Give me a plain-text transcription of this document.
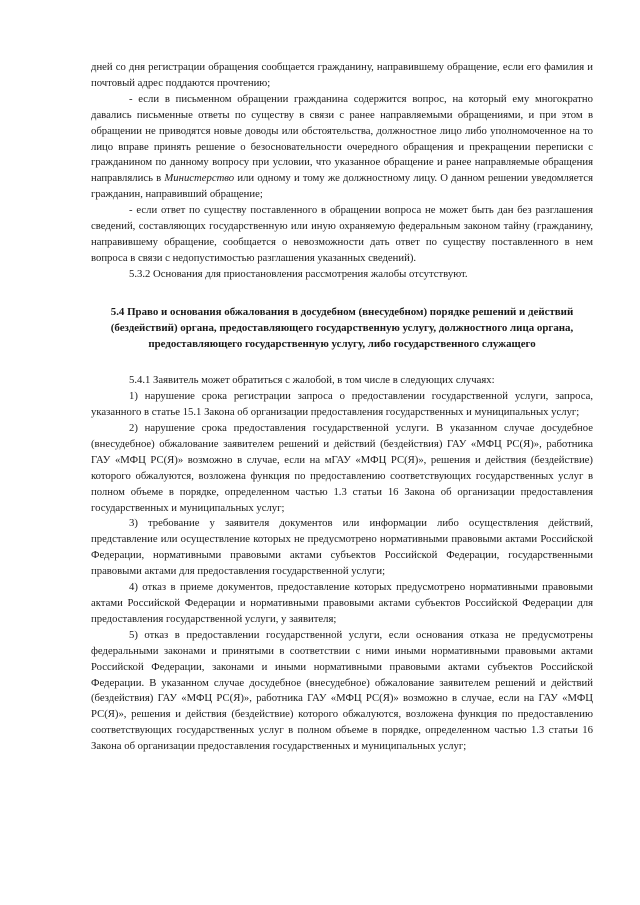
дней со дня регистрации обращения сообщается гражданину, направившему обращение, если его фамилия и почтовый адрес поддаются прочтению;

- если в письменном обращении гражданина содержится вопрос, на который ему многократно давались письменные ответы по существу в связи с ранее направляемыми обращениями, и при этом в обращении не приводятся новые доводы или обстоятельства, должностное лицо либо уполномоченное на то лицо вправе принять решение о безосновательности очередного обращения и прекращении переписки с гражданином по данному вопросу при условии, что указанное обращение и ранее направляемые обращения направлялись в Министерство или одному и тому же должностному лицу. О данном решении уведомляется гражданин, направивший обращение;

- если ответ по существу поставленного в обращении вопроса не может быть дан без разглашения сведений, составляющих государственную или иную охраняемую федеральным законом тайну (гражданину, направившему обращение, сообщается о невозможности дать ответ по существу поставленного в нем вопроса в связи с недопустимостью разглашения указанных сведений).

5.3.2 Основания для приостановления рассмотрения жалобы отсутствуют.

5.4 Право и основания обжалования в досудебном (внесудебном) порядке решений и действий (бездействий) органа, предоставляющего государственную услугу, должностного лица органа, предоставляющего государственную услугу, либо государственного служащего

5.4.1 Заявитель может обратиться с жалобой, в том числе в следующих случаях:

1) нарушение срока регистрации запроса о предоставлении государственной услуги, запроса, указанного в статье 15.1 Закона об организации предоставления государственных и муниципальных услуг;

2) нарушение срока предоставления государственной услуги. В указанном случае досудебное (внесудебное) обжалование заявителем решений и действий (бездействия) ГАУ «МФЦ РС(Я)», работника ГАУ «МФЦ РС(Я)» возможно в случае, если на мГАУ «МФЦ РС(Я)», решения и действия (бездействие) которого обжалуются, возложена функция по предоставлению соответствующих государственных услуг в полном объеме в порядке, определенном частью 1.3 статьи 16 Закона об организации предоставления государственных и муниципальных услуг;

3) требование у заявителя документов или информации либо осуществления действий, представление или осуществление которых не предусмотрено нормативными правовыми актами Российской Федерации, нормативными правовыми актами субъектов Российской Федерации, государственными правовыми актами для предоставления государственной услуги;

4) отказ в приеме документов, предоставление которых предусмотрено нормативными правовыми актами Российской Федерации и нормативными правовыми актами субъектов Российской Федерации для предоставления государственной услуги, у заявителя;

5) отказ в предоставлении государственной услуги, если основания отказа не предусмотрены федеральными законами и принятыми в соответствии с ними иными нормативными правовыми актами Российской Федерации, законами и иными нормативными правовыми актами субъектов Российской Федерации. В указанном случае досудебное (внесудебное) обжалование заявителем решений и действий (бездействия) ГАУ «МФЦ РС(Я)», работника ГАУ «МФЦ РС(Я)» возможно в случае, если на ГАУ «МФЦ РС(Я)», решения и действия (бездействие) которого обжалуются, возложена функция по предоставлению соответствующих государственных услуг в полном объеме в порядке, определенном частью 1.3 статьи 16 Закона об организации предоставления государственных и муниципальных услуг;
